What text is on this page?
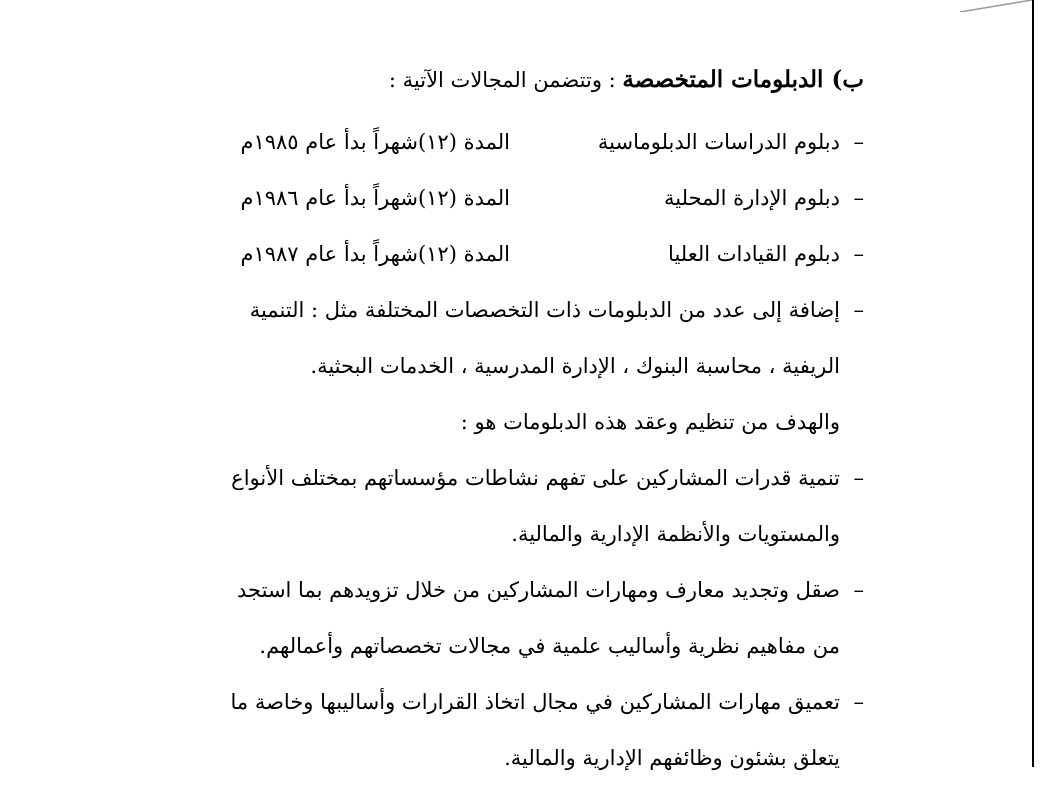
ب) الدبلومات المتخصصة : وتتضمن المجالات الآتية :
–دبلوم الدراسات الدبلوماسيةالمدة (١٢)شهراً بدأ عام ١٩٨٥م
–دبلوم الإدارة المحليةالمدة (١٢)شهراً بدأ عام ١٩٨٦م
–دبلوم القيادات العلياالمدة (١٢)شهراً بدأ عام ١٩٨٧م
–إضافة إلى عدد من الدبلومات ذات التخصصات المختلفة مثل : التنمية
الريفية ، محاسبة البنوك ، الإدارة المدرسية ، الخدمات البحثية.
والهدف من تنظيم وعقد هذه الدبلومات هو :
–تنمية قدرات المشاركين على تفهم نشاطات مؤسساتهم بمختلف الأنواع
والمستويات والأنظمة الإدارية والمالية.
–صقل وتجديد معارف ومهارات المشاركين من خلال تزويدهم بما استجد
من مفاهيم نظرية وأساليب علمية في مجالات تخصصاتهم وأعمالهم.
–تعميق مهارات المشاركين في مجال اتخاذ القرارات وأساليبها وخاصة ما
يتعلق بشئون وظائفهم الإدارية والمالية.
